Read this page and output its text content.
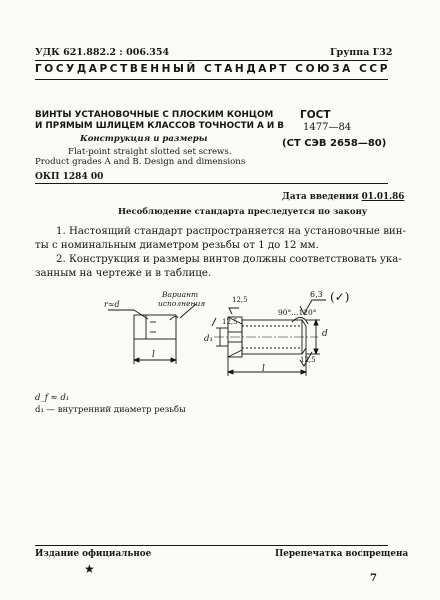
УДК 621.882.2 : 006.354	Группа Г32
ГОСУДАРСТВЕННЫЙ СТАНДАРТ СОЮЗА ССР
ВИНТЫ УСТАНОВОЧНЫЕ С ПЛОСКИМ КОНЦОМ
И ПРЯМЫМ ШЛИЦЕМ КЛАССОВ ТОЧНОСТИ А И В
Конструкция и размеры
Flat-point straight slotted set screws.
Product grades A and B. Design and dimensions
ГОСТ
1477—84
(СТ СЭВ 2658—80)
ОКП 1284 00
Дата введения 01.01.86
Несоблюдение стандарта преследуется по закону
1. Настоящий стандарт распространяется на установочные вин-
ты с номинальным диаметром резьбы от 1 до 12 мм.
2. Конструкция и размеры винтов должны соответствовать ука-
занным на чертеже и в таблице.
Вариант
исполнения
r≈d
l
l
90°...120°
6,3 (✓)
12,5
12,5
12,5
d₁	d
d_f ≈ d₁
d₁ — внутренний диаметр резьбы
Издание официальное	Перепечатка воспрещена
★
7
